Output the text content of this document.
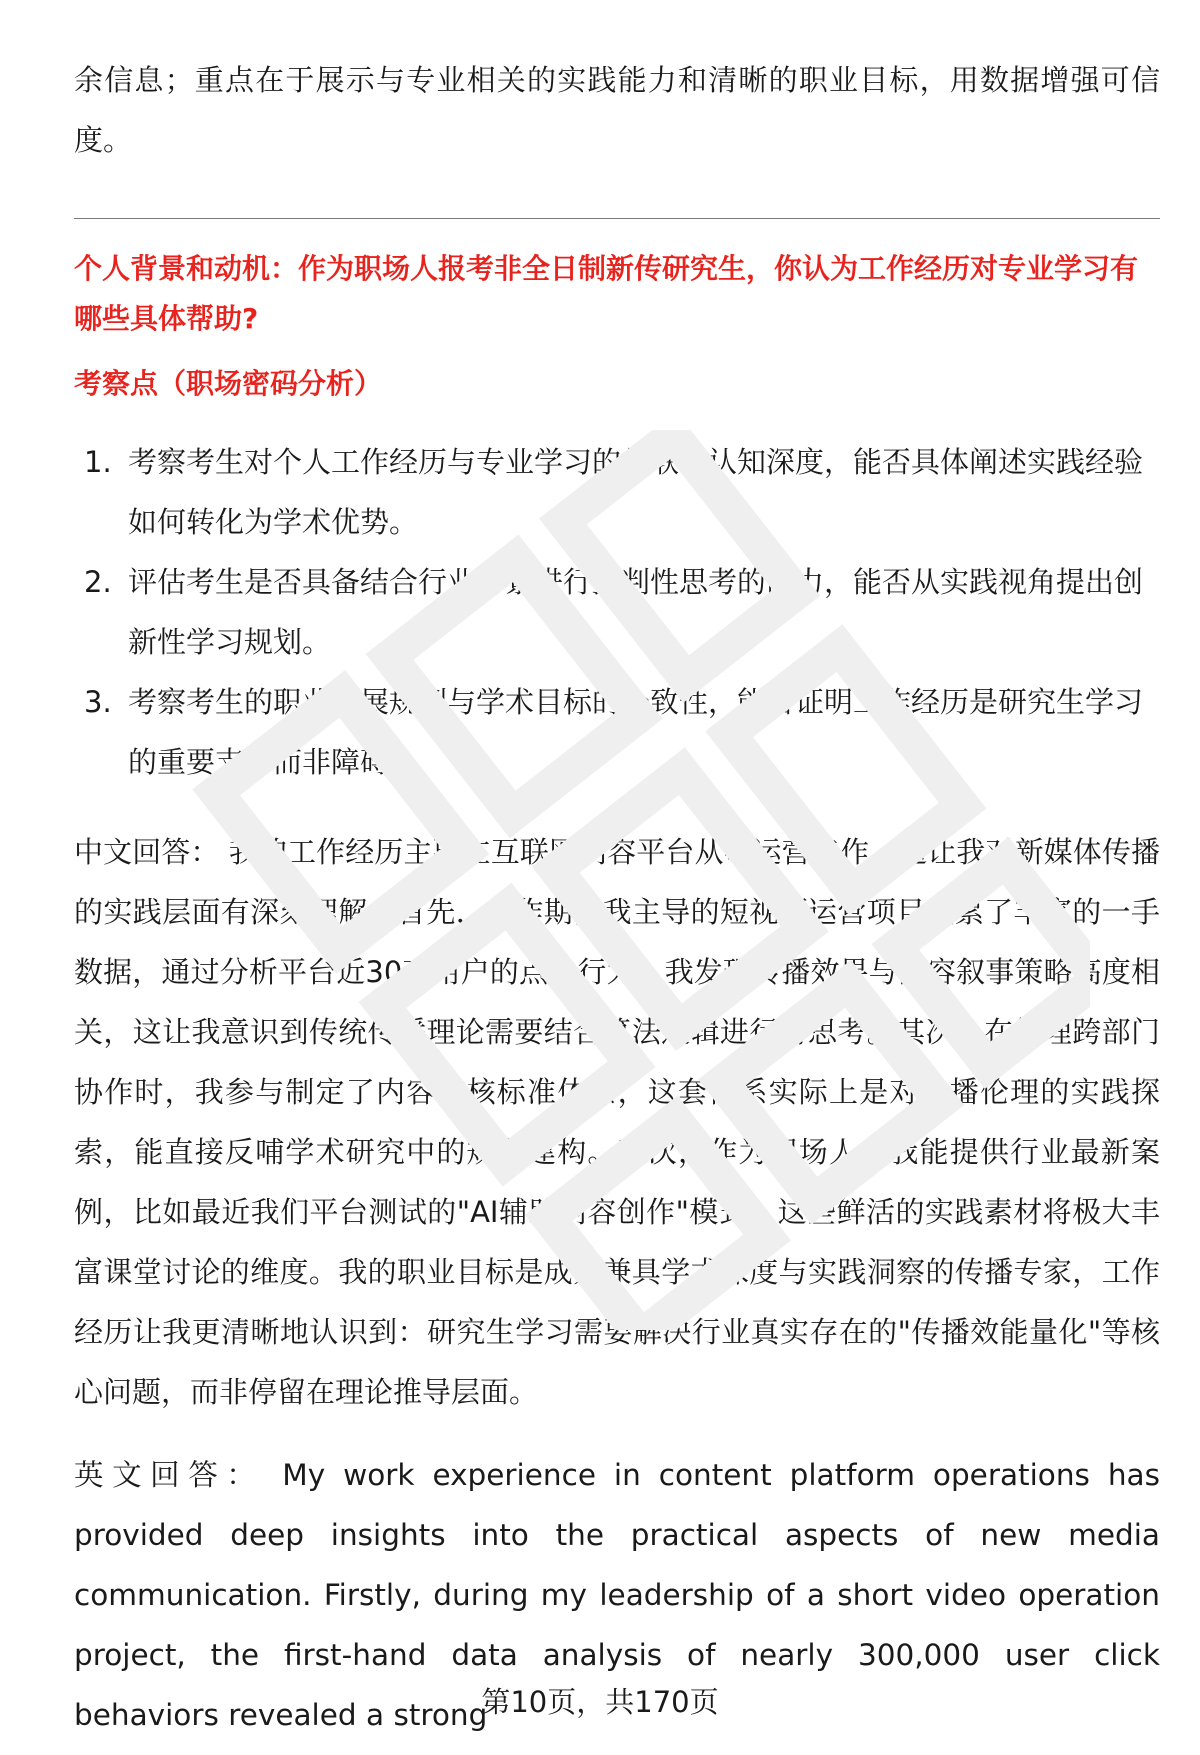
余信息；重点在于展示与专业相关的实践能力和清晰的职业目标，用数据增强可信度。

个人背景和动机：作为职场人报考非全日制新传研究生，你认为工作经历对专业学习有哪些具体帮助?
考察点（职场密码分析）
1. 考察考生对个人工作经历与专业学习的关联性认知深度，能否具体阐述实践经验如何转化为学术优势。
2. 评估考生是否具备结合行业背景进行批判性思考的能力，能否从实践视角提出创新性学习规划。
3. 考察考生的职业发展规划与学术目标的一致性，能否证明工作经历是研究生学习的重要支撑而非障碍。

中文回答： 我的工作经历主要在互联网内容平台从事运营工作，这让我对新媒体传播的实践层面有深刻理解。首先，工作期间我主导的短视频运营项目积累了丰富的一手数据，通过分析平台近30万用户的点击行为，我发现传播效果与内容叙事策略高度相关，这让我意识到传统传播理论需要结合算法逻辑进行再思考。其次，在处理跨部门协作时，我参与制定了内容审核标准体系，这套体系实际上是对传播伦理的实践探索，能直接反哺学术研究中的规范建构。再次，作为职场人，我能提供行业最新案例，比如最近我们平台测试的"AI辅助内容创作"模式，这些鲜活的实践素材将极大丰富课堂讨论的维度。我的职业目标是成为兼具学术深度与实践洞察的传播专家，工作经历让我更清晰地认识到：研究生学习需要解决行业真实存在的"传播效能量化"等核心问题，而非停留在理论推导层面。

英文回答： My work experience in content platform operations has provided deep insights into the practical aspects of new media communication. Firstly, during my leadership of a short video operation project, the first-hand data analysis of nearly 300,000 user click behaviors revealed a strong

第10页，共170页
